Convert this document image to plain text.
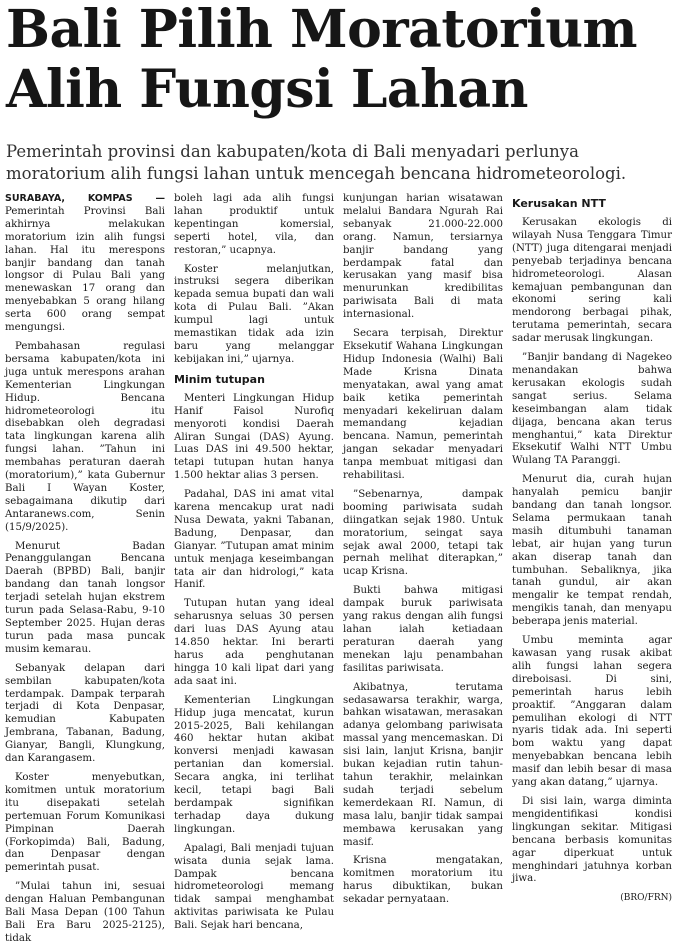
Bali Pilih Moratorium
Alih Fungsi Lahan
Pemerintah provinsi dan kabupaten/kota di Bali menyadari perlunya moratorium alih fungsi lahan untuk mencegah bencana hidrometeorologi.

SURABAYA, KOMPAS — Pemerintah Provinsi Bali akhirnya melakukan moratorium izin alih fungsi lahan. Hal itu merespons banjir bandang dan tanah longsor di Pulau Bali yang menewaskan 17 orang dan menyebabkan 5 orang hilang serta 600 orang sempat mengungsi.

Pembahasan regulasi bersama kabupaten/kota ini juga untuk merespons arahan Kementerian Lingkungan Hidup. Bencana hidrometeorologi itu disebabkan oleh degradasi tata lingkungan karena alih fungsi lahan. ”Tahun ini membahas peraturan daerah (moratorium),” kata Gubernur Bali I Wayan Koster, sebagaimana dikutip dari Antaranews.com, Senin (15/9/2025).

Menurut Badan Penanggulangan Bencana Daerah (BPBD) Bali, banjir bandang dan tanah longsor terjadi setelah hujan ekstrem turun pada Selasa-Rabu, 9-10 September 2025. Hujan deras turun pada masa puncak musim kemarau.

Sebanyak delapan dari sembilan kabupaten/kota terdampak. Dampak terparah terjadi di Kota Denpasar, kemudian Kabupaten Jembrana, Tabanan, Badung, Gianyar, Bangli, Klungkung, dan Karangasem.

Koster menyebutkan, komitmen untuk moratorium itu disepakati setelah pertemuan Forum Komunikasi Pimpinan Daerah (Forkopimda) Bali, Badung, dan Denpasar dengan pemerintah pusat.

”Mulai tahun ini, sesuai dengan Haluan Pembangunan Bali Masa Depan (100 Tahun Bali Era Baru 2025-2125), tidak

boleh lagi ada alih fungsi lahan produktif untuk kepentingan komersial, seperti hotel, vila, dan restoran,” ucapnya.

Koster melanjutkan, instruksi segera diberikan kepada semua bupati dan wali kota di Pulau Bali. ”Akan kumpul lagi untuk memastikan tidak ada izin baru yang melanggar kebijakan ini,” ujarnya.

Minim tutupan

Menteri Lingkungan Hidup Hanif Faisol Nurofiq menyoroti kondisi Daerah Aliran Sungai (DAS) Ayung. Luas DAS ini 49.500 hektar, tetapi tutupan hutan hanya 1.500 hektar alias 3 persen.

Padahal, DAS ini amat vital karena mencakup urat nadi Nusa Dewata, yakni Tabanan, Badung, Denpasar, dan Gianyar. ”Tutupan amat minim untuk menjaga keseimbangan tata air dan hidrologi,” kata Hanif.

Tutupan hutan yang ideal seharusnya seluas 30 persen dari luas DAS Ayung atau 14.850 hektar. Ini berarti harus ada penghutanan hingga 10 kali lipat dari yang ada saat ini.

Kementerian Lingkungan Hidup juga mencatat, kurun 2015-2025, Bali kehilangan 460 hektar hutan akibat konversi menjadi kawasan pertanian dan komersial. Secara angka, ini terlihat kecil, tetapi bagi Bali berdampak signifikan terhadap daya dukung lingkungan.

Apalagi, Bali menjadi tujuan wisata dunia sejak lama. Dampak bencana hidrometeorologi memang tidak sampai menghambat aktivitas pariwisata ke Pulau Bali. Sejak hari bencana,

kunjungan harian wisatawan melalui Bandara Ngurah Rai sebanyak 21.000-22.000 orang. Namun, tersiarnya banjir bandang yang berdampak fatal dan kerusakan yang masif bisa menurunkan kredibilitas pariwisata Bali di mata internasional.

Secara terpisah, Direktur Eksekutif Wahana Lingkungan Hidup Indonesia (Walhi) Bali Made Krisna Dinata menyatakan, awal yang amat baik ketika pemerintah menyadari kekeliruan dalam memandang kejadian bencana. Namun, pemerintah jangan sekadar menyadari tanpa membuat mitigasi dan rehabilitasi.

”Sebenarnya, dampak booming pariwisata sudah diingatkan sejak 1980. Untuk moratorium, seingat saya sejak awal 2000, tetapi tak pernah melihat diterapkan,” ucap Krisna.

Bukti bahwa mitigasi dampak buruk pariwisata yang rakus dengan alih fungsi lahan ialah ketiadaan peraturan daerah yang menekan laju penambahan fasilitas pariwisata.

Akibatnya, terutama sedasawarsa terakhir, warga, bahkan wisatawan, merasakan adanya gelombang pariwisata massal yang mencemaskan. Di sisi lain, lanjut Krisna, banjir bukan kejadian rutin tahun-tahun terakhir, melainkan sudah terjadi sebelum kemerdekaan RI. Namun, di masa lalu, banjir tidak sampai membawa kerusakan yang masif.

Krisna mengatakan, komitmen moratorium itu harus dibuktikan, bukan sekadar pernyataan.

Kerusakan NTT

Kerusakan ekologis di wilayah Nusa Tenggara Timur (NTT) juga ditengarai menjadi penyebab terjadinya bencana hidrometeorologi. Alasan kemajuan pembangunan dan ekonomi sering kali mendorong berbagai pihak, terutama pemerintah, secara sadar merusak lingkungan.

”Banjir bandang di Nagekeo menandakan bahwa kerusakan ekologis sudah sangat serius. Selama keseimbangan alam tidak dijaga, bencana akan terus menghantui,” kata Direktur Eksekutif Walhi NTT Umbu Wulang TA Paranggi.

Menurut dia, curah hujan hanyalah pemicu banjir bandang dan tanah longsor. Selama permukaan tanah masih ditumbuhi tanaman lebat, air hujan yang turun akan diserap tanah dan tumbuhan. Sebaliknya, jika tanah gundul, air akan mengalir ke tempat rendah, mengikis tanah, dan menyapu beberapa jenis material.

Umbu meminta agar kawasan yang rusak akibat alih fungsi lahan segera direboisasi. Di sini, pemerintah harus lebih proaktif. ”Anggaran dalam pemulihan ekologi di NTT nyaris tidak ada. Ini seperti bom waktu yang dapat menyebabkan bencana lebih masif dan lebih besar di masa yang akan datang,” ujarnya.

Di sisi lain, warga diminta mengidentifikasi kondisi lingkungan sekitar. Mitigasi bencana berbasis komunitas agar diperkuat untuk menghindari jatuhnya korban jiwa.

(BRO/FRN)
